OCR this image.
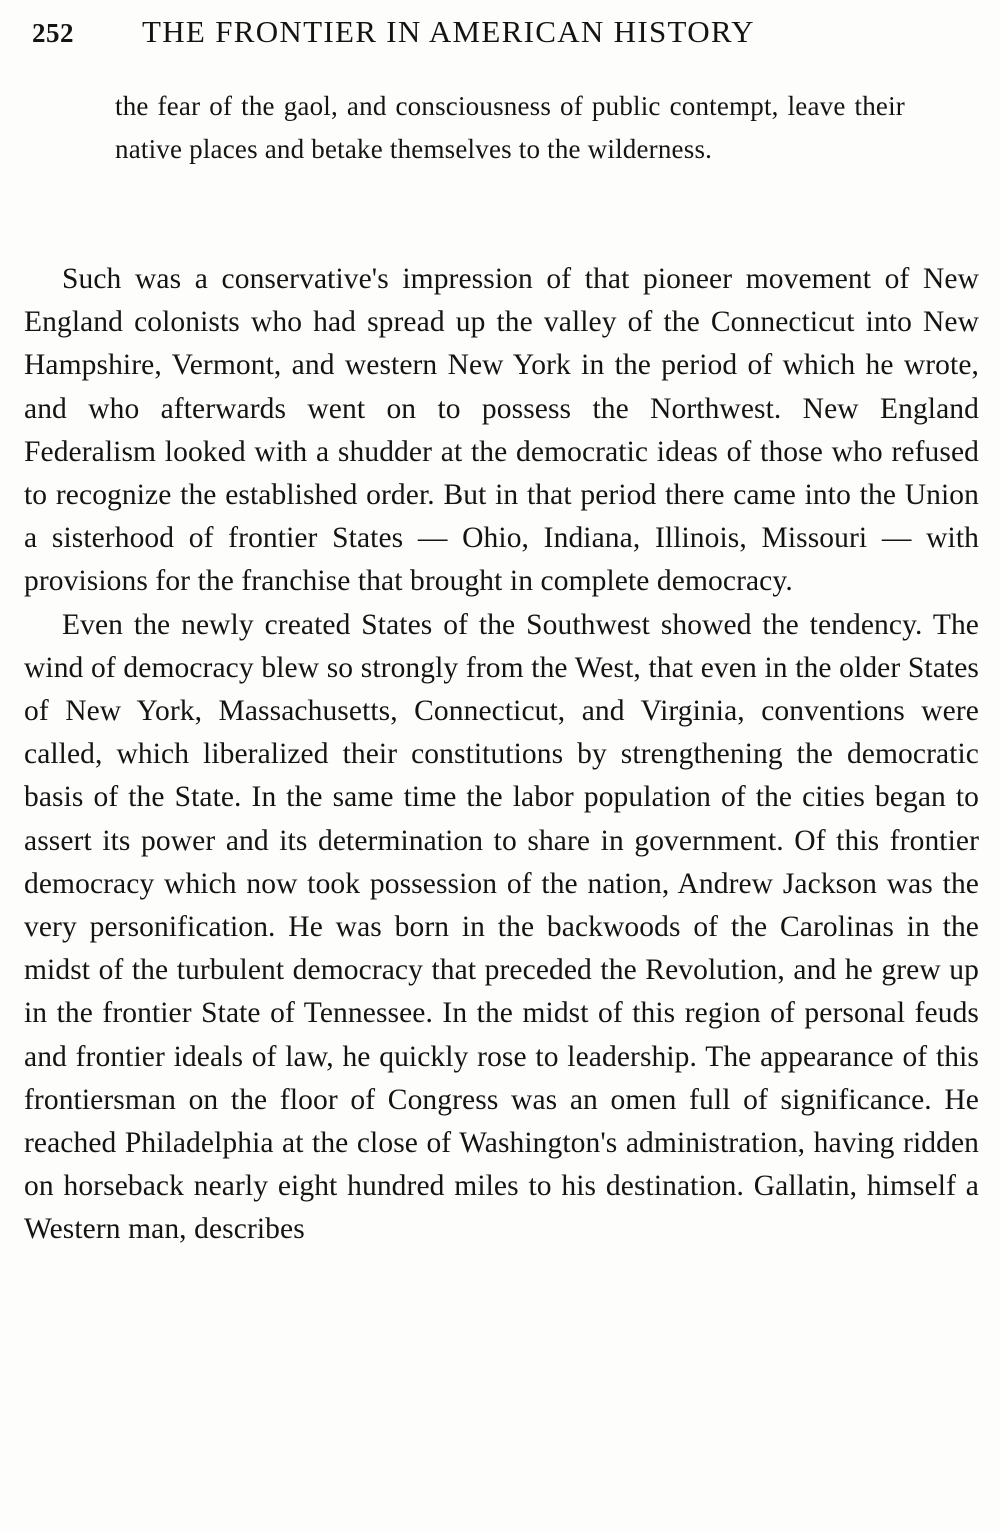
252 THE FRONTIER IN AMERICAN HISTORY
the fear of the gaol, and consciousness of public contempt, leave their native places and betake themselves to the wilderness.

Such was a conservative's impression of that pioneer movement of New England colonists who had spread up the valley of the Connecticut into New Hampshire, Vermont, and western New York in the period of which he wrote, and who afterwards went on to possess the Northwest. New England Federalism looked with a shudder at the democratic ideas of those who refused to recognize the established order. But in that period there came into the Union a sisterhood of frontier States — Ohio, Indiana, Illinois, Missouri — with provisions for the franchise that brought in complete democracy.

Even the newly created States of the Southwest showed the tendency. The wind of democracy blew so strongly from the West, that even in the older States of New York, Massachusetts, Connecticut, and Virginia, conventions were called, which liberalized their constitutions by strengthening the democratic basis of the State. In the same time the labor population of the cities began to assert its power and its determination to share in government. Of this frontier democracy which now took possession of the nation, Andrew Jackson was the very personification. He was born in the backwoods of the Carolinas in the midst of the turbulent democracy that preceded the Revolution, and he grew up in the frontier State of Tennessee. In the midst of this region of personal feuds and frontier ideals of law, he quickly rose to leadership. The appearance of this frontiersman on the floor of Congress was an omen full of significance. He reached Philadelphia at the close of Washington's administration, having ridden on horseback nearly eight hundred miles to his destination. Gallatin, himself a Western man, describes
